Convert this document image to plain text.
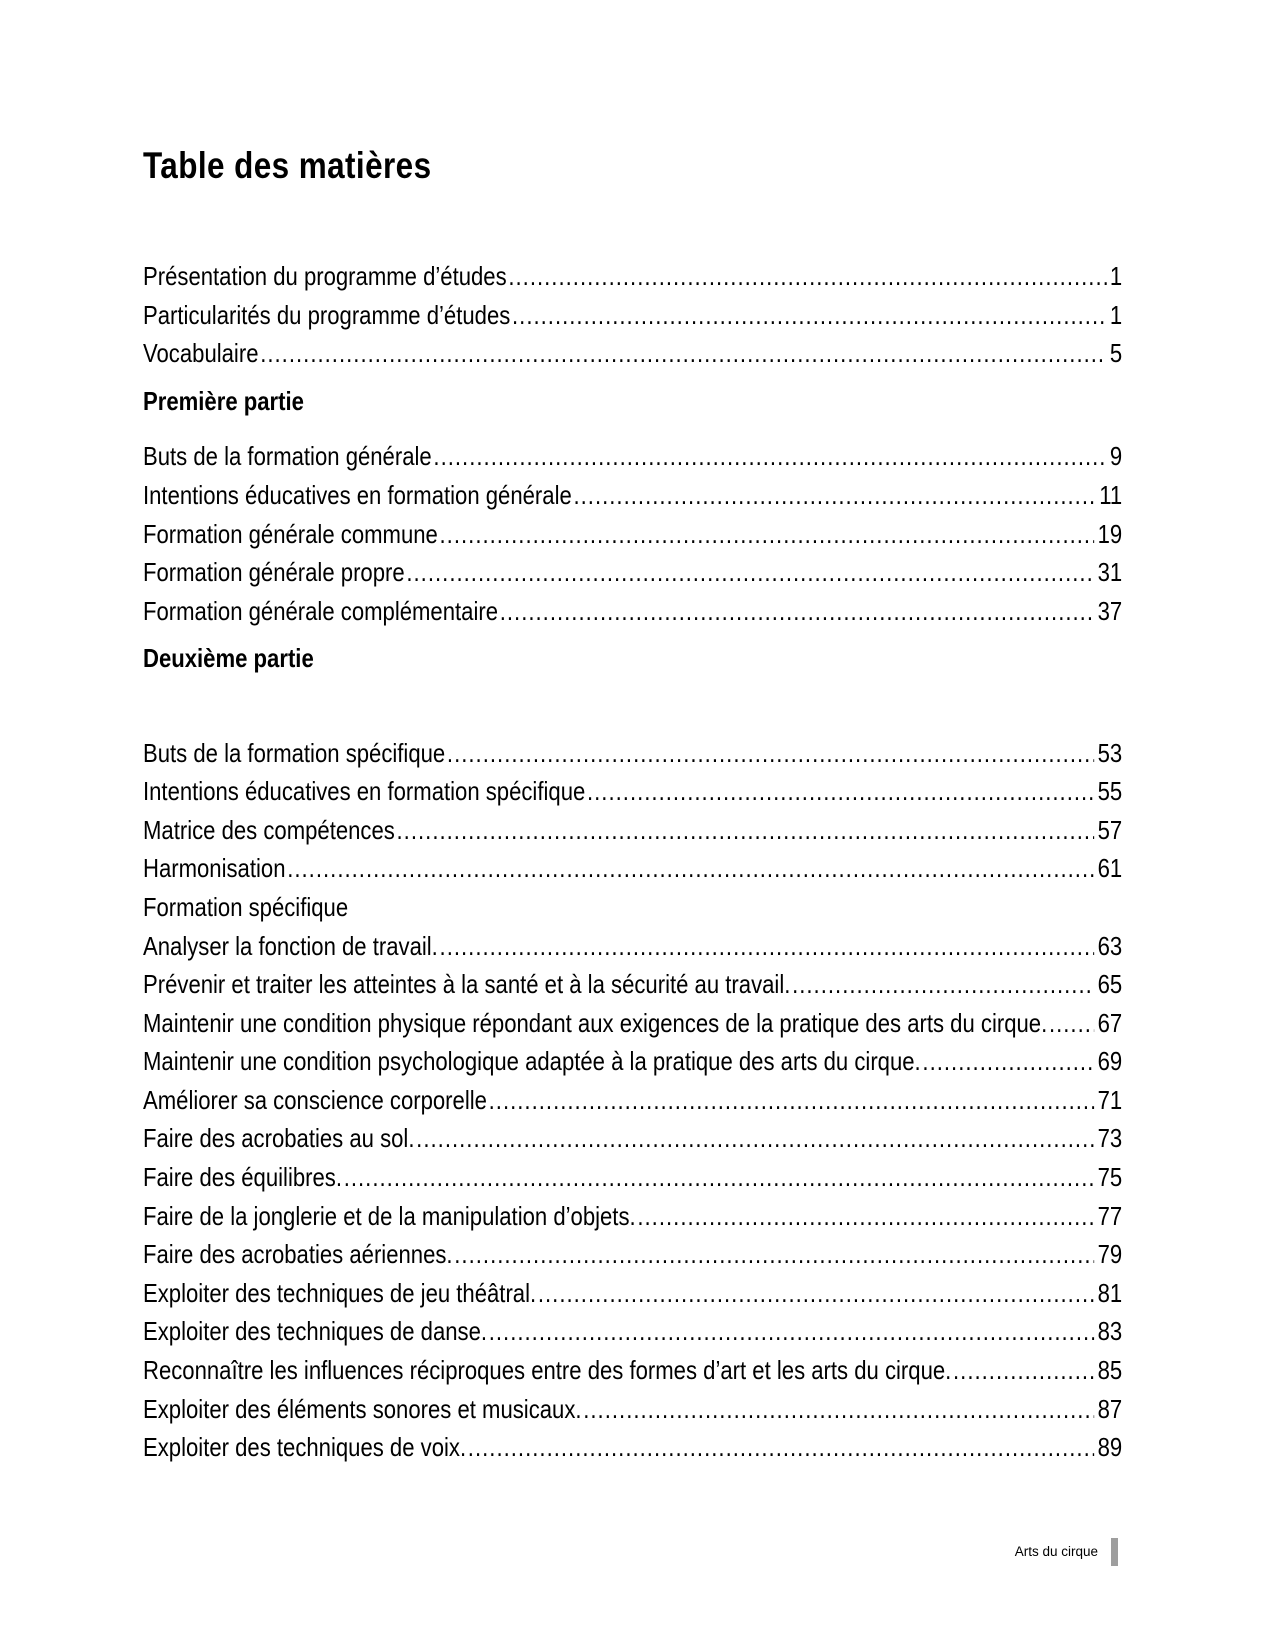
Table des matières
Présentation du programme d’études .....	1
Particularités du programme d’études .....	1
Vocabulaire .....	5
Première partie
Buts de la formation générale .....	9
Intentions éducatives en formation générale .....	11
Formation générale commune .....	19
Formation générale propre .....	31
Formation générale complémentaire .....	37
Deuxième partie
Buts de la formation spécifique .....	53
Intentions éducatives en formation spécifique .....	55
Matrice des compétences .....	57
Harmonisation .....	61
Formation spécifique
Analyser la fonction de travail. .....	63
Prévenir et traiter les atteintes à la santé et à la sécurité au travail. .....	65
Maintenir une condition physique répondant aux exigences de la pratique des arts du cirque. ..... 67
Maintenir une condition psychologique adaptée à la pratique des arts du cirque. .....	69
Améliorer sa conscience corporelle .....	71
Faire des acrobaties au sol. .....	73
Faire des équilibres. .....	75
Faire de la jonglerie et de la manipulation d’objets. .....	77
Faire des acrobaties aériennes. .....	79
Exploiter des techniques de jeu théâtral. .....	81
Exploiter des techniques de danse. .....	83
Reconnaître les influences réciproques entre des formes d’art et les arts du cirque. .....	85
Exploiter des éléments sonores et musicaux. .....	87
Exploiter des techniques de voix. .....	89
Arts du cirque
